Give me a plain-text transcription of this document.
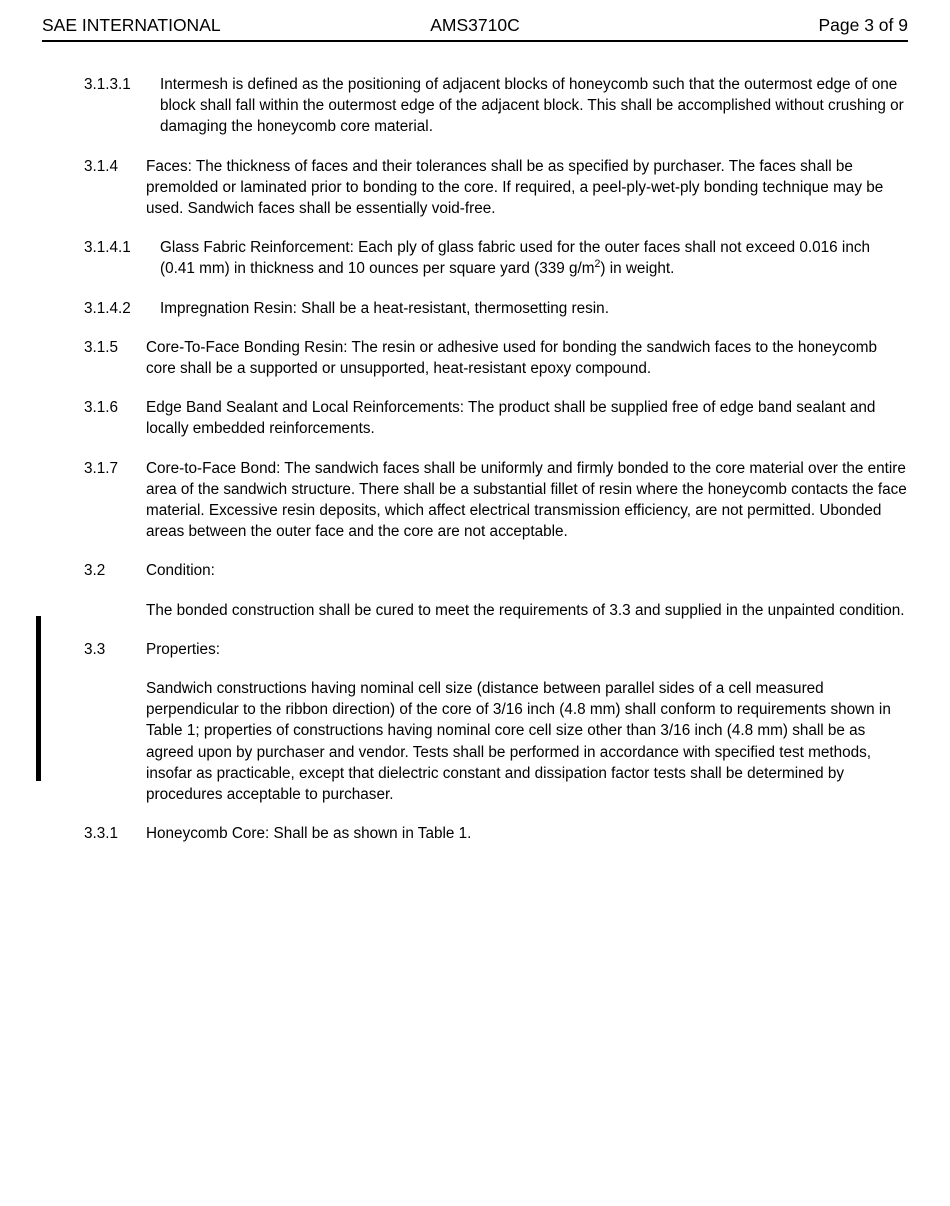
SAE INTERNATIONAL	AMS3710C	Page 3 of 9
3.1.3.1	Intermesh is defined as the positioning of adjacent blocks of honeycomb such that the outermost edge of one block shall fall within the outermost edge of the adjacent block. This shall be accomplished without crushing or damaging the honeycomb core material.
3.1.4	Faces: The thickness of faces and their tolerances shall be as specified by purchaser. The faces shall be premolded or laminated prior to bonding to the core. If required, a peel-ply-wet-ply bonding technique may be used. Sandwich faces shall be essentially void-free.
3.1.4.1	Glass Fabric Reinforcement: Each ply of glass fabric used for the outer faces shall not exceed 0.016 inch (0.41 mm) in thickness and 10 ounces per square yard (339 $g/m^2$) in weight.
3.1.4.2	Impregnation Resin: Shall be a heat-resistant, thermosetting resin.
3.1.5	Core-To-Face Bonding Resin: The resin or adhesive used for bonding the sandwich faces to the honeycomb core shall be a supported or unsupported, heat-resistant epoxy compound.
3.1.6	Edge Band Sealant and Local Reinforcements: The product shall be supplied free of edge band sealant and locally embedded reinforcements.
3.1.7	Core-to-Face Bond: The sandwich faces shall be uniformly and firmly bonded to the core material over the entire area of the sandwich structure. There shall be a substantial fillet of resin where the honeycomb contacts the face material. Excessive resin deposits, which affect electrical transmission efficiency, are not permitted. Ubonded areas between the outer face and the core are not acceptable.
3.2	Condition:
The bonded construction shall be cured to meet the requirements of 3.3 and supplied in the unpainted condition.
3.3	Properties:
Sandwich constructions having nominal cell size (distance between parallel sides of a cell measured perpendicular to the ribbon direction) of the core of 3/16 inch (4.8 mm) shall conform to requirements shown in Table 1; properties of constructions having nominal core cell size other than 3/16 inch (4.8 mm) shall be as agreed upon by purchaser and vendor. Tests shall be performed in accordance with specified test methods, insofar as practicable, except that dielectric constant and dissipation factor tests shall be determined by procedures acceptable to purchaser.
3.3.1	Honeycomb Core: Shall be as shown in Table 1.
